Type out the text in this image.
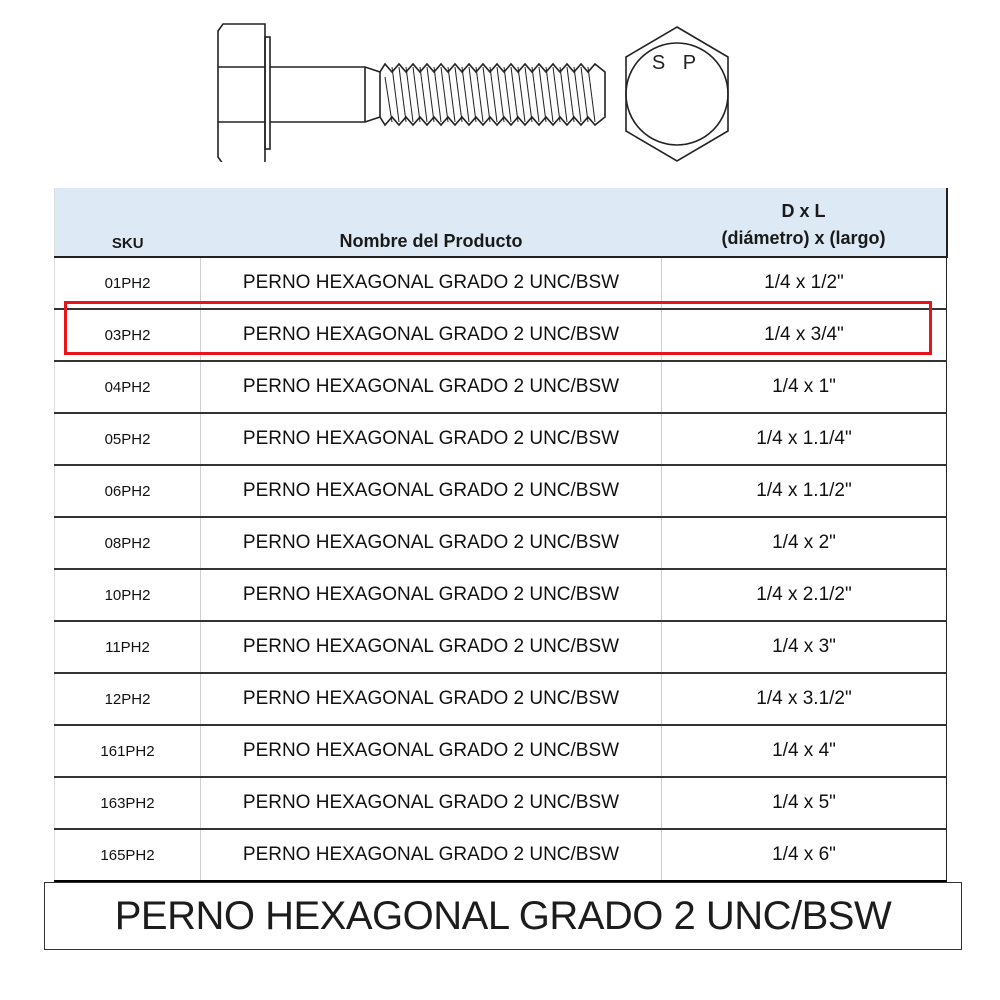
S P
SKU	Nombre del Producto	D x L
(diámetro) x (largo)

01PH2	PERNO HEXAGONAL GRADO 2 UNC/BSW	1/4 x 1/2"
03PH2	PERNO HEXAGONAL GRADO 2 UNC/BSW	1/4 x 3/4"
04PH2	PERNO HEXAGONAL GRADO 2 UNC/BSW	1/4 x 1"
05PH2	PERNO HEXAGONAL GRADO 2 UNC/BSW	1/4 x 1.1/4"
06PH2	PERNO HEXAGONAL GRADO 2 UNC/BSW	1/4 x 1.1/2"
08PH2	PERNO HEXAGONAL GRADO 2 UNC/BSW	1/4 x 2"
10PH2	PERNO HEXAGONAL GRADO 2 UNC/BSW	1/4 x 2.1/2"
11PH2	PERNO HEXAGONAL GRADO 2 UNC/BSW	1/4 x 3"
12PH2	PERNO HEXAGONAL GRADO 2 UNC/BSW	1/4 x 3.1/2"
161PH2	PERNO HEXAGONAL GRADO 2 UNC/BSW	1/4 x 4"
163PH2	PERNO HEXAGONAL GRADO 2 UNC/BSW	1/4 x 5"
165PH2	PERNO HEXAGONAL GRADO 2 UNC/BSW	1/4 x 6"
PERNO HEXAGONAL GRADO 2 UNC/BSW
